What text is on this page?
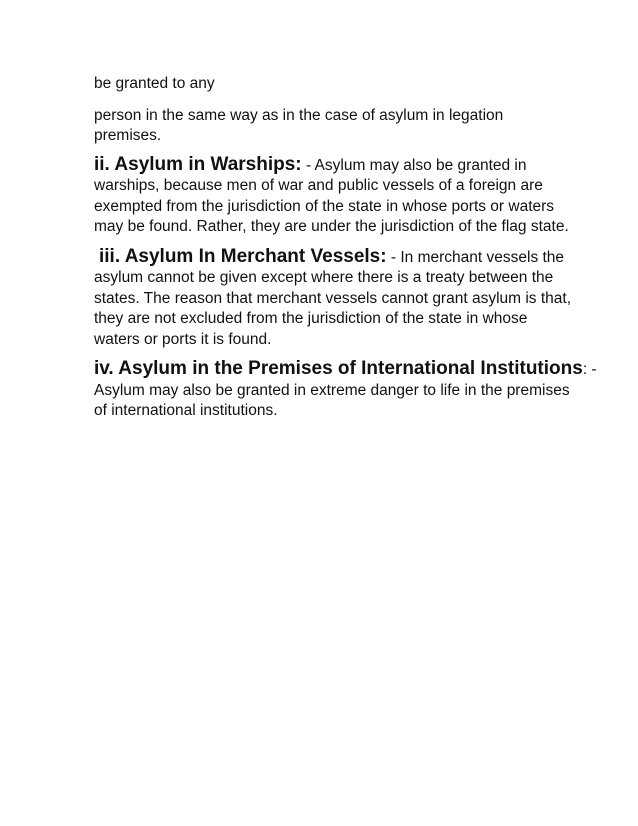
be granted to any

person in the same way as in the case of asylum in legation
premises.

ii. Asylum in Warships: - Asylum may also be granted in
warships, because men of war and public vessels of a foreign are
exempted from the jurisdiction of the state in whose ports or waters
may be found. Rather, they are under the jurisdiction of the flag state.

iii. Asylum In Merchant Vessels: - In merchant vessels the
asylum cannot be given except where there is a treaty between the
states. The reason that merchant vessels cannot grant asylum is that,
they are not excluded from the jurisdiction of the state in whose
waters or ports it is found.

iv. Asylum in the Premises of International Institutions: -
Asylum may also be granted in extreme danger to life in the premises
of international institutions.
